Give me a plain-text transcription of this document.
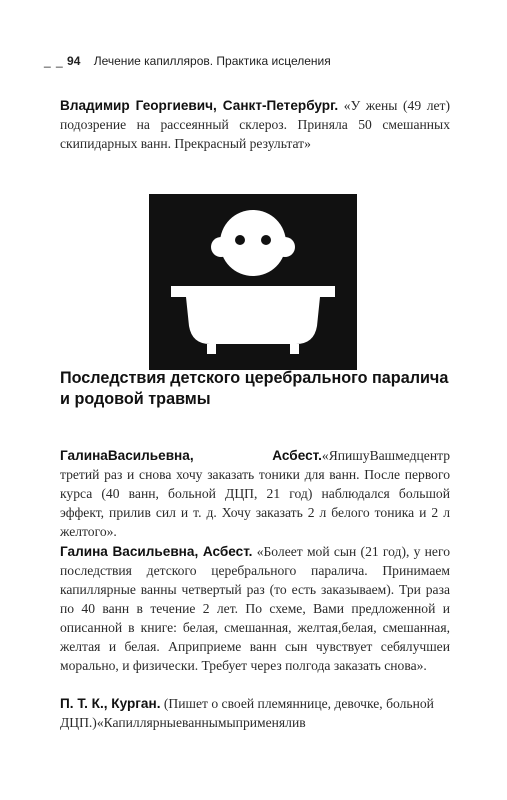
_ _ 94 Лечение капилляров. Практика исцеления
Владимир Георгиевич, Санкт-Петербург. «У жены (49 лет) подозрение на рассеянный склероз. Приняла 50 смешанных скипидарных ванн. Прекрасный результат»
Последствия детского церебрального паралича и родовой травмы
ГалинаВасильевна,	Асбест.«ЯпишуВашмедцентр
третий раз и снова хочу заказать тоники для ванн. После первого курса (40 ванн, больной ДЦП, 21 год) наблюдался большой эффект, прилив сил и т. д. Хочу заказать 2 л белого тоника и 2 л желтого».
Галина Васильевна, Асбест. «Болеет мой сын (21 год), у него последствия детского церебрального паралича. Принимаем капиллярные ванны четвертый раз (то есть заказываем). Три раза по 40 ванн в течение 2 лет. По схеме, Вами предложенной и описанной в книге: белая, смешанная, желтая,белая, смешанная, желтая и белая. Априприеме ванн сын чувствует себялучшеи морально, и физически. Требует через полгода заказать снова».
П. Т. К., Курган. (Пишет о своей племяннице, девочке, больной ДЦП.)«Капиллярныеваннымыприменялив
